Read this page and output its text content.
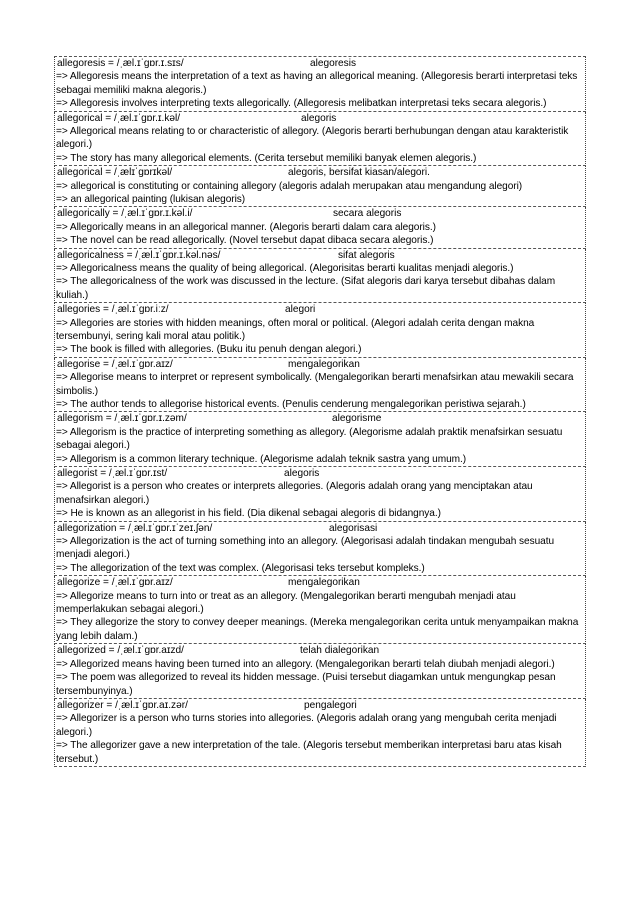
allegoresis = /ˌæl.ɪˈɡɒr.ɪ.sɪs/	alegoresis
=> Allegoresis means the interpretation of a text as having an allegorical meaning. (Allegoresis berarti interpretasi teks sebagai memiliki makna alegoris.)
=> Allegoresis involves interpreting texts allegorically. (Allegoresis melibatkan interpretasi teks secara alegoris.)
allegorical = /ˌæl.ɪˈɡɒr.ɪ.kəl/	alegoris
=> Allegorical means relating to or characteristic of allegory. (Alegoris berarti berhubungan dengan atau karakteristik alegori.)
=> The story has many allegorical elements. (Cerita tersebut memiliki banyak elemen alegoris.)
allegorical = /ˌælɪˈɡɒrɪkəl/	alegoris, bersifat kiasan/alegori.
=> allegorical is constituting or containing allegory (alegoris adalah merupakan atau mengandung alegori)
=> an allegorical painting (lukisan alegoris)
allegorically = /ˌæl.ɪˈɡɒr.ɪ.kəl.i/	secara alegoris
=> Allegorically means in an allegorical manner. (Alegoris berarti dalam cara alegoris.)
=> The novel can be read allegorically. (Novel tersebut dapat dibaca secara alegoris.)
allegoricalness = /ˌæl.ɪˈɡɒr.ɪ.kəl.nəs/	sifat alegoris
=> Allegoricalness means the quality of being allegorical. (Alegorisitas berarti kualitas menjadi alegoris.)
=> The allegoricalness of the work was discussed in the lecture. (Sifat alegoris dari karya tersebut dibahas dalam kuliah.)
allegories = /ˌæl.ɪˈɡɒr.iːz/	alegori
=> Allegories are stories with hidden meanings, often moral or political. (Alegori adalah cerita dengan makna tersembunyi, sering kali moral atau politik.)
=> The book is filled with allegories. (Buku itu penuh dengan alegori.)
allegorise = /ˌæl.ɪˈɡɒr.aɪz/	mengalegorikan
=> Allegorise means to interpret or represent symbolically. (Mengalegorikan berarti menafsirkan atau mewakili secara simbolis.)
=> The author tends to allegorise historical events. (Penulis cenderung mengalegorikan peristiwa sejarah.)
allegorism = /ˌæl.ɪˈɡɒr.ɪ.zəm/	alegorisme
=> Allegorism is the practice of interpreting something as allegory. (Alegorisme adalah praktik menafsirkan sesuatu sebagai alegori.)
=> Allegorism is a common literary technique. (Alegorisme adalah teknik sastra yang umum.)
allegorist = /ˌæl.ɪˈɡɒr.ɪst/	alegoris
=> Allegorist is a person who creates or interprets allegories. (Alegoris adalah orang yang menciptakan atau menafsirkan alegori.)
=> He is known as an allegorist in his field. (Dia dikenal sebagai alegoris di bidangnya.)
allegorization = /ˌæl.ɪˈɡɒr.ɪˈzeɪ.ʃən/	alegorisasi
=> Allegorization is the act of turning something into an allegory. (Alegorisasi adalah tindakan mengubah sesuatu menjadi alegori.)
=> The allegorization of the text was complex. (Alegorisasi teks tersebut kompleks.)
allegorize = /ˌæl.ɪˈɡɒr.aɪz/	mengalegorikan
=> Allegorize means to turn into or treat as an allegory. (Mengalegorikan berarti mengubah menjadi atau memperlakukan sebagai alegori.)
=> They allegorize the story to convey deeper meanings. (Mereka mengalegorikan cerita untuk menyampaikan makna yang lebih dalam.)
allegorized = /ˌæl.ɪˈɡɒr.aɪzd/	telah dialegorikan
=> Allegorized means having been turned into an allegory. (Mengalegorikan berarti telah diubah menjadi alegori.)
=> The poem was allegorized to reveal its hidden message. (Puisi tersebut diagamkan untuk mengungkap pesan tersembunyinya.)
allegorizer = /ˌæl.ɪˈɡɒr.aɪ.zər/	pengalegori
=> Allegorizer is a person who turns stories into allegories. (Alegoris adalah orang yang mengubah cerita menjadi alegori.)
=> The allegorizer gave a new interpretation of the tale. (Alegoris tersebut memberikan interpretasi baru atas kisah tersebut.)
